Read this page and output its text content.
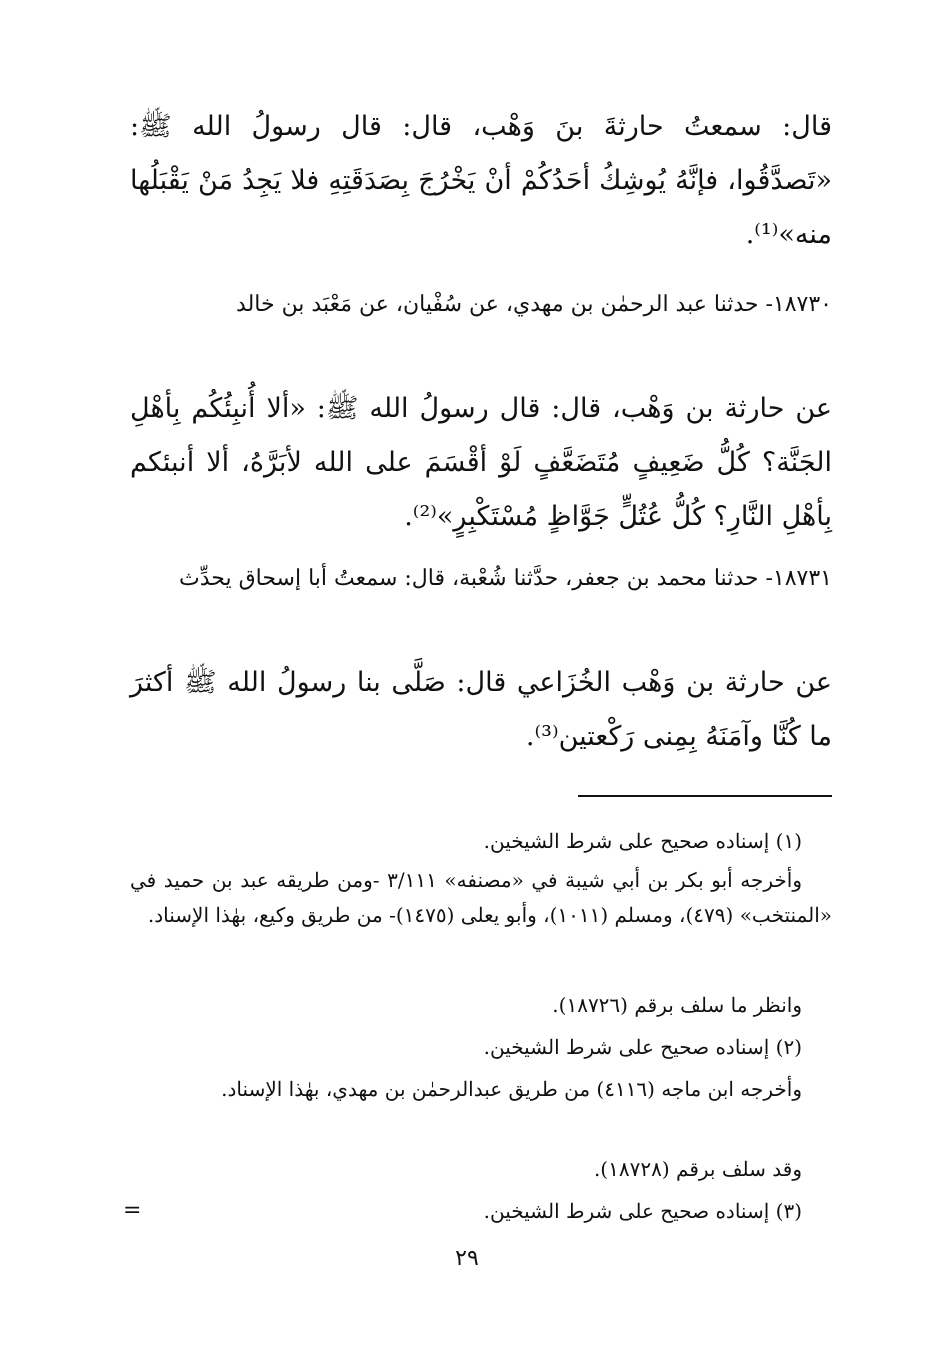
قال: سمعتُ حارثةَ بنَ وَهْب، قال: قال رسولُ الله ﷺ: «تَصدَّقُوا، فإنَّهُ يُوشِكُ أحَدُكُمْ أنْ يَخْرُجَ بِصَدَقَتِهِ فلا يَجِدُ مَنْ يَقْبَلُها منه»⁽¹⁾.

١٨٧٣٠- حدثنا عبد الرحمٰن بن مهدي، عن سُفْيان، عن مَعْبَد بن خالد

عن حارثة بن وَهْب، قال: قال رسولُ الله ﷺ: «ألا أُنبِئُكُم بِأهْلِ الجَنَّة؟ كُلُّ ضَعِيفٍ مُتَضَعَّفٍ لَوْ أقْسَمَ على الله لأبَرَّهُ، ألا أنبئكم بِأهْلِ النَّارِ؟ كُلُّ عُتُلٍّ جَوَّاظٍ مُسْتَكْبِرٍ»⁽²⁾.

١٨٧٣١- حدثنا محمد بن جعفر، حدَّثنا شُعْبة، قال: سمعتُ أبا إسحاق يحدِّث

عن حارثة بن وَهْب الخُزَاعي قال: صَلَّى بنا رسولُ الله ﷺ أكثرَ ما كُنَّا وآمَنَهُ بِمِنى رَكْعتين⁽³⁾.

(١) إسناده صحيح على شرط الشيخين.

وأخرجه أبو بكر بن أبي شيبة في «مصنفه» ٣/١١١ -ومن طريقه عبد بن حميد في «المنتخب» (٤٧٩)، ومسلم (١٠١١)، وأبو يعلى (١٤٧٥)- من طريق وكيع، بهٰذا الإسناد.

وانظر ما سلف برقم (١٨٧٢٦).

(٢) إسناده صحيح على شرط الشيخين.

وأخرجه ابن ماجه (٤١١٦) من طريق عبدالرحمٰن بن مهدي، بهٰذا الإسناد.

وقد سلف برقم (١٨٧٢٨).

(٣) إسناده صحيح على شرط الشيخين.

=
٢٩
